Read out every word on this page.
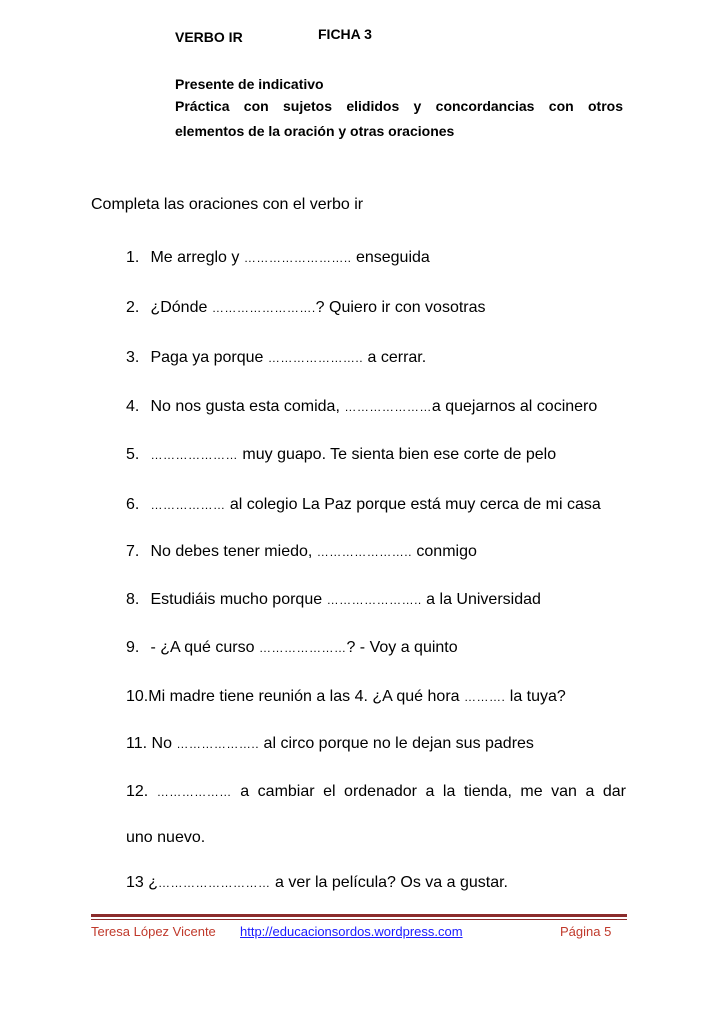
VERBO IR	FICHA 3
Presente de indicativo
Práctica con sujetos elididos y concordancias con otros
elementos de la oración y otras oraciones
Completa las oraciones con el verbo ir
1. Me arreglo y …………………….. enseguida
2. ¿Dónde …………………….? Quiero ir con vosotras
3. Paga ya porque ………………….. a cerrar.
4. No nos gusta esta comida, …………………a quejarnos al cocinero
5. ………………… muy guapo. Te sienta bien ese corte de pelo
6. ……………… al colegio La Paz porque está muy cerca de mi casa
7. No debes tener miedo, ………………….. conmigo
8. Estudiáis mucho porque ………………….. a la Universidad
9. - ¿A qué curso …………………? - Voy a quinto
10.Mi madre tiene reunión a las 4. ¿A qué hora ………. la tuya?
11. No ……………….. al circo porque no le dejan sus padres
12. ……………… a cambiar el ordenador a la tienda, me van a dar
uno nuevo.
13 ¿……………………… a ver la película? Os va a gustar.
Teresa López Vicente http://educacionsordos.wordpress.com	Página 5
